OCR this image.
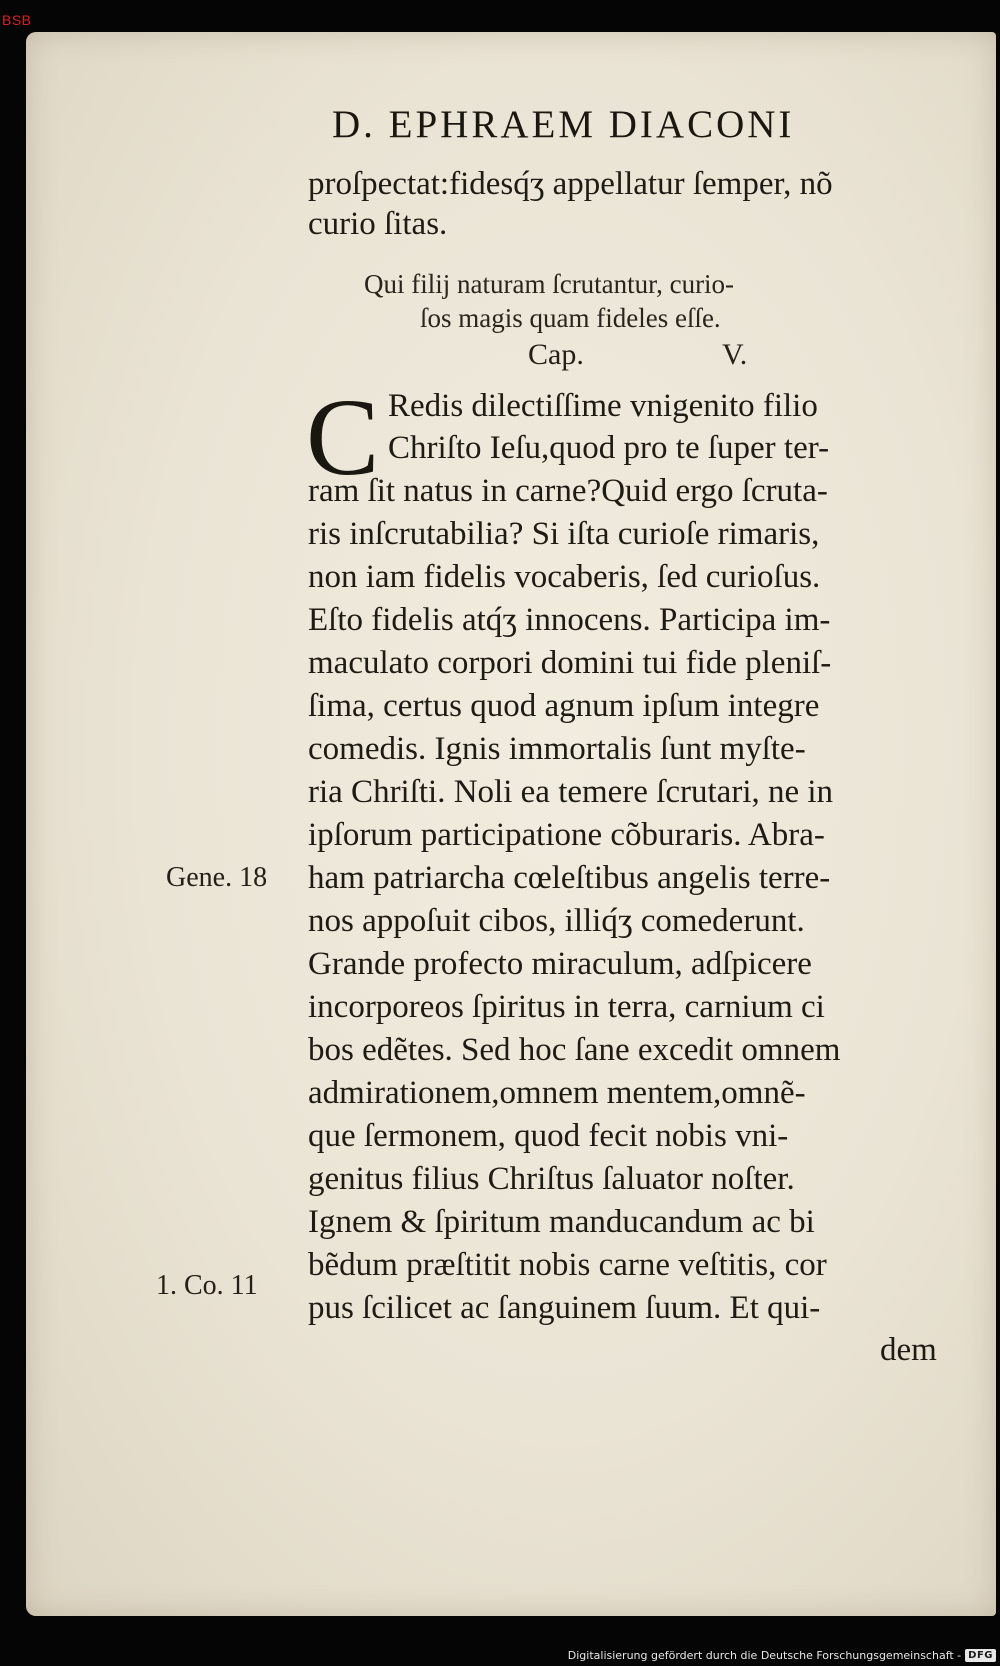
BSB
D. EPHRAEM DIACONI
proſpectat:fidesq́ʒ appellatur ſemper, nõ
curio ſitas.
Qui filij naturam ſcrutantur, curio-
ſos magis quam fideles eſſe.
Cap.	V.
C Redis dilectiſſime vnigenito filio
Chriſto Ieſu,quod pro te ſuper ter-
ram ſit natus in carne?Quid ergo ſcruta-
ris inſcrutabilia? Si iſta curioſe rimaris,
non iam fidelis vocaberis, ſed curioſus.
Eſto fidelis atq́ʒ innocens. Participa im-
maculato corpori domini tui fide pleniſ-
ſima, certus quod agnum ipſum integre
comedis. Ignis immortalis ſunt myſte-
ria Chriſti. Noli ea temere ſcrutari, ne in
ipſorum participatione cõburaris. Abra-
ham patriarcha cœleſtibus angelis terre-
nos appoſuit cibos, illiq́ʒ comederunt.
Grande profecto miraculum, adſpicere
incorporeos ſpiritus in terra, carnium ci
bos edẽtes. Sed hoc ſane excedit omnem
admirationem,omnem mentem,omnẽ-
que ſermonem, quod fecit nobis vni-
genitus filius Chriſtus ſaluator noſter.
Ignem & ſpiritum manducandum ac bi
bẽdum præſtitit nobis carne veſtitis, cor
pus ſcilicet ac ſanguinem ſuum. Et qui-
dem
Gene. 18
1. Co. 11
Digitalisierung gefördert durch die Deutsche Forschungsgemeinschaft - DFG
